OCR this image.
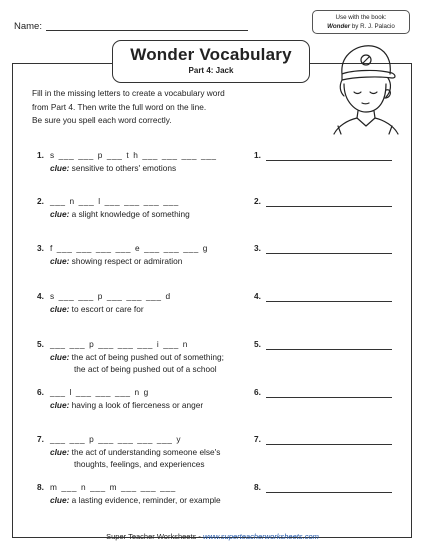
Name:
Use with the book:
Wonder by R. J. Palacio
Wonder Vocabulary
Part 4: Jack
Fill in the missing letters to create a vocabulary word
from Part 4. Then write the full word on the line.
Be sure you spell each word correctly.
1. s ___ ___ p ___ t h ___ ___ ___ ___
clue: sensitive to others' emotions
1.
2. ___ n ___ l ___ ___ ___ ___
clue: a slight knowledge of something
2.
3. f ___ ___ ___ ___ e ___ ___ ___ g
clue: showing respect or admiration
3.
4. s ___ ___ p ___ ___ ___ d
clue: to escort or care for
4.
5. ___ ___ p ___ ___ ___ i ___ n
clue: the act of being pushed out of something;
the act of being pushed out of a school
5.
6. ___ l ___ ___ ___ n g
clue: having a look of fierceness or anger
6.
7. ___ ___ p ___ ___ ___ ___ y
clue: the act of understanding someone else's
thoughts, feelings, and experiences
7.
8. m ___ n ___ m ___ ___ ___
clue: a lasting evidence, reminder, or example
8.
Super Teacher Worksheets - www.superteacherworksheets.com
